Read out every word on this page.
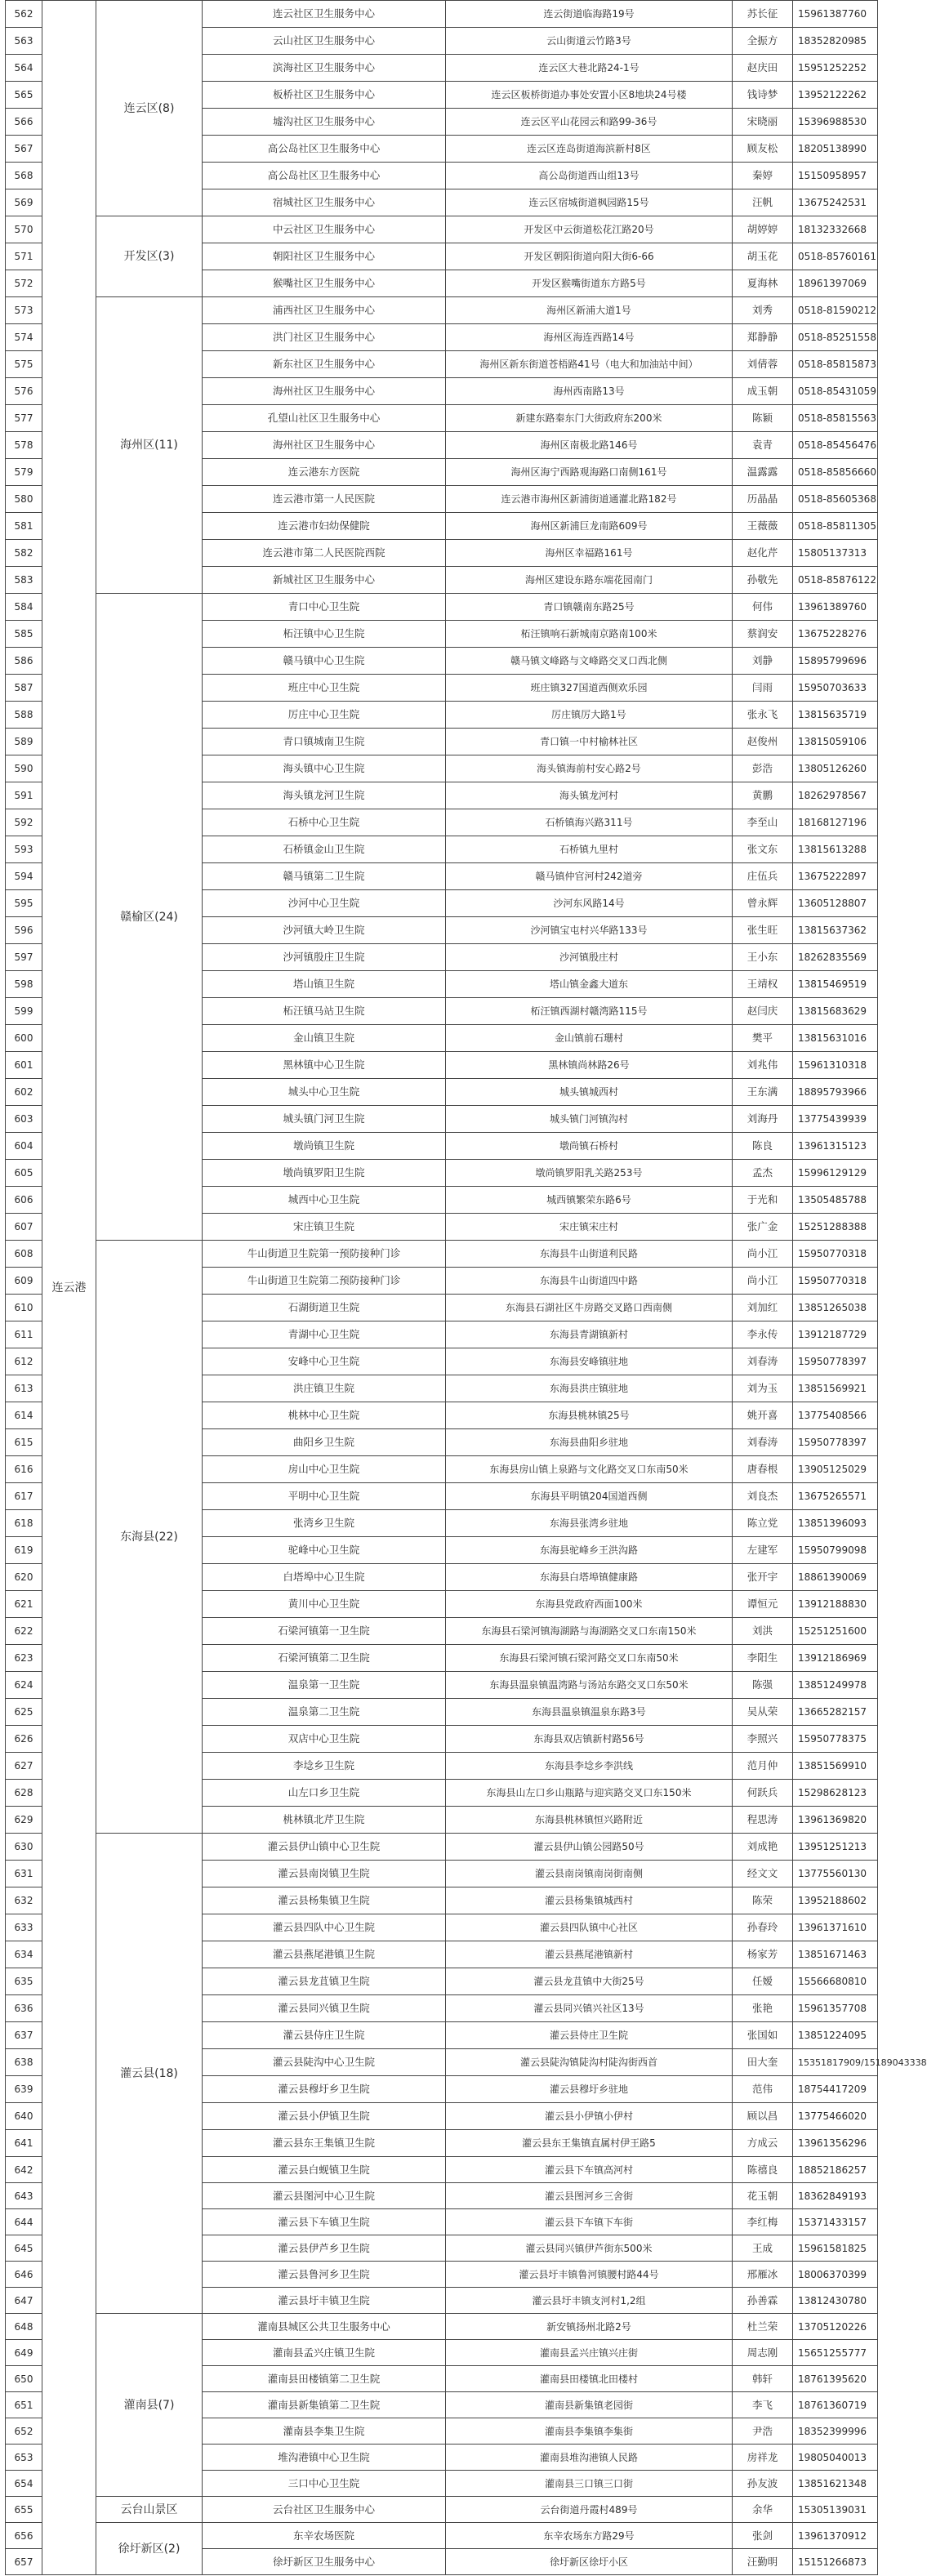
562	连云港	连云区(8)	连云社区卫生服务中心	连云街道临海路19号	苏长征	15961387760
563			云山社区卫生服务中心	云山街道云竹路3号	全振方	18352820985
564			滨海社区卫生服务中心	连云区大巷北路24-1号	赵庆田	15951252252
565			板桥社区卫生服务中心	连云区板桥街道办事处安置小区8地块24号楼	钱诗梦	13952122262
566			墟沟社区卫生服务中心	连云区平山花园云和路99-36号	宋晓丽	15396988530
567			高公岛社区卫生服务中心	连云区连岛街道海滨新村8区	顾友松	18205138990
568			高公岛社区卫生服务中心	高公岛街道西山组13号	秦婷	15150958957
569			宿城社区卫生服务中心	连云区宿城街道枫园路15号	汪帆	13675242531
570		开发区(3)	中云社区卫生服务中心	开发区中云街道松花江路20号	胡婷婷	18132332668
571			朝阳社区卫生服务中心	开发区朝阳街道向阳大街6-66	胡玉花	0518-85760161
572			猴嘴社区卫生服务中心	开发区猴嘴街道东方路5号	夏海林	18961397069
573		海州区(11)	浦西社区卫生服务中心	海州区新浦大道1号	刘秀	0518-81590212
574			洪门社区卫生服务中心	海州区海连西路14号	郑静静	0518-85251558
575			新东社区卫生服务中心	海州区新东街道苍梧路41号（电大和加油站中间）	刘倩蓉	0518-85815873
576			海州社区卫生服务中心	海州西南路13号	成玉朝	0518-85431059
577			孔望山社区卫生服务中心	新建东路秦东门大街政府东200米	陈颖	0518-85815563
578			海州社区卫生服务中心	海州区南极北路146号	袁青	0518-85456476
579			连云港东方医院	海州区海宁西路观海路口南侧161号	温露露	0518-85856660
580			连云港市第一人民医院	连云港市海州区新浦街道通灌北路182号	历晶晶	0518-85605368
581			连云港市妇幼保健院	海州区新浦巨龙南路609号	王薇薇	0518-85811305
582			连云港市第二人民医院西院	海州区幸福路161号	赵化芹	15805137313
583			新城社区卫生服务中心	海州区建设东路东端花园南门	孙敬先	0518-85876122
584		赣榆区(24)	青口中心卫生院	青口镇赣南东路25号	何伟	13961389760
585			柘汪镇中心卫生院	柘汪镇响石新城南京路南100米	蔡润安	13675228276
586			赣马镇中心卫生院	赣马镇文峰路与文峰路交叉口西北侧	刘静	15895799696
587			班庄中心卫生院	班庄镇327国道西侧欢乐园	闫雨	15950703633
588			厉庄中心卫生院	厉庄镇厉大路1号	张永飞	13815635719
589			青口镇城南卫生院	青口镇一中村榆林社区	赵俊州	13815059106
590			海头镇中心卫生院	海头镇海前村安心路2号	彭浩	13805126260
591			海头镇龙河卫生院	海头镇龙河村	黄鹏	18262978567
592			石桥中心卫生院	石桥镇海兴路311号	李至山	18168127196
593			石桥镇金山卫生院	石桥镇九里村	张文东	13815613288
594			赣马镇第二卫生院	赣马镇仲官河村242道旁	庄伍兵	13675222897
595			沙河中心卫生院	沙河东风路14号	曾永辉	13605128807
596			沙河镇大岭卫生院	沙河镇宝屯村兴华路133号	张生旺	13815637362
597			沙河镇殷庄卫生院	沙河镇殷庄村	王小东	18262835569
598			塔山镇卫生院	塔山镇金鑫大道东	王靖权	13815469519
599			柘汪镇马站卫生院	柘汪镇西湖村赣湾路115号	赵闫庆	13815683629
600			金山镇卫生院	金山镇前石珊村	樊平	13815631016
601			黑林镇中心卫生院	黑林镇尚林路26号	刘兆伟	15961310318
602			城头中心卫生院	城头镇城西村	王东满	18895793966
603			城头镇门河卫生院	城头镇门河镇沟村	刘海丹	13775439939
604			墩尚镇卫生院	墩尚镇石桥村	陈良	13961315123
605			墩尚镇罗阳卫生院	墩尚镇罗阳乳关路253号	孟杰	15996129129
606			城西中心卫生院	城西镇繁荣东路6号	于光和	13505485788
607			宋庄镇卫生院	宋庄镇宋庄村	张广金	15251288388
608		东海县(22)	牛山街道卫生院第一预防接种门诊	东海县牛山街道利民路	尚小江	15950770318
609			牛山街道卫生院第二预防接种门诊	东海县牛山街道四中路	尚小江	15950770318
610			石湖街道卫生院	东海县石湖社区牛房路交叉路口西南侧	刘加红	13851265038
611			青湖中心卫生院	东海县青湖镇新村	李永传	13912187729
612			安峰中心卫生院	东海县安峰镇驻地	刘春涛	15950778397
613			洪庄镇卫生院	东海县洪庄镇驻地	刘为玉	13851569921
614			桃林中心卫生院	东海县桃林镇25号	姚开喜	13775408566
615			曲阳乡卫生院	东海县曲阳乡驻地	刘春涛	15950778397
616			房山中心卫生院	东海县房山镇上泉路与文化路交叉口东南50米	唐春根	13905125029
617			平明中心卫生院	东海县平明镇204国道西侧	刘良杰	13675265571
618			张湾乡卫生院	东海县张湾乡驻地	陈立党	13851396093
619			驼峰中心卫生院	东海县驼峰乡王洪沟路	左建军	15950799098
620			白塔埠中心卫生院	东海县白塔埠镇健康路	张开宇	18861390069
621			黄川中心卫生院	东海县党政府西面100米	谭恒元	13912188830
622			石梁河镇第一卫生院	东海县石梁河镇海湖路与海湖路交叉口东南150米	刘洪	15251251600
623			石梁河镇第二卫生院	东海县石梁河镇石梁河路交叉口东南50米	李阳生	13912186969
624			温泉第一卫生院	东海县温泉镇温湾路与汤站东路交叉口东50米	陈强	13851249978
625			温泉第二卫生院	东海县温泉镇温泉东路3号	吴从荣	13665282157
626			双店中心卫生院	东海县双店镇新村路56号	李照兴	15950778375
627			李埝乡卫生院	东海县李埝乡李洪线	范月仲	13851569910
628			山左口乡卫生院	东海县山左口乡山瓶路与迎宾路交叉口东150米	何跃兵	15298628123
629			桃林镇北芹卫生院	东海县桃林镇恒兴路附近	程思涛	13961369820
630		灌云县(18)	灌云县伊山镇中心卫生院	灌云县伊山镇公园路50号	刘成艳	13951251213
631			灌云县南岗镇卫生院	灌云县南岗镇南岗街南侧	经文文	13775560130
632			灌云县杨集镇卫生院	灌云县杨集镇城西村	陈荣	13952188602
633			灌云县四队中心卫生院	灌云县四队镇中心社区	孙春玲	13961371610
634			灌云县燕尾港镇卫生院	灌云县燕尾港镇新村	杨家芳	13851671463
635			灌云县龙苴镇卫生院	灌云县龙苴镇中大街25号	任嫒	15566680810
636			灌云县同兴镇卫生院	灌云县同兴镇兴社区13号	张艳	15961357708
637			灌云县侍庄卫生院	灌云县侍庄卫生院	张国如	13851224095
638			灌云县陡沟中心卫生院	灌云县陡沟镇陡沟村陡沟街西首	田大奎	15351817909/15189043338
639			灌云县穆圩乡卫生院	灌云县穆圩乡驻地	范伟	18754417209
640			灌云县小伊镇卫生院	灌云县小伊镇小伊村	顾以昌	13775466020
641			灌云县东王集镇卫生院	灌云县东王集镇直属村伊王路5	方成云	13961356296
642			灌云县白蚬镇卫生院	灌云县下车镇高河村	陈禧良	18852186257
643			灌云县图河中心卫生院	灌云县图河乡三舍街	花玉朝	18362849193
644			灌云县下车镇卫生院	灌云县下车镇下车街	李红梅	15371433157
645			灌云县伊芦乡卫生院	灌云县同兴镇伊芦街东500米	王成	15961581825
646			灌云县鲁河乡卫生院	灌云县圩丰镇鲁河镇腰村路44号	邢雁冰	18006370399
647			灌云县圩丰镇卫生院	灌云县圩丰镇支河村1,2组	孙善霖	13812430780
648		灌南县(7)	灌南县城区公共卫生服务中心	新安镇扬州北路2号	杜兰荣	13705120226
649			灌南县孟兴庄镇卫生院	灌南县孟兴庄镇兴庄街	周志刚	15651255777
650			灌南县田楼镇第二卫生院	灌南县田楼镇北田楼村	韩轩	18761395620
651			灌南县新集镇第二卫生院	灌南县新集镇老园街	李飞	18761360719
652			灌南县李集卫生院	灌南县李集镇李集街	尹浩	18352399996
653			堆沟港镇中心卫生院	灌南县堆沟港镇人民路	房祥龙	19805040013
654			三口中心卫生院	灌南县三口镇三口街	孙友波	13851621348
655		云台山景区	云台社区卫生服务中心	云台街道丹霞村489号	余华	15305139031
656		徐圩新区(2)	东辛农场医院	东辛农场东方路29号	张剑	13961370912
657			徐圩新区卫生服务中心	徐圩新区徐圩小区	汪勤明	15151266873
